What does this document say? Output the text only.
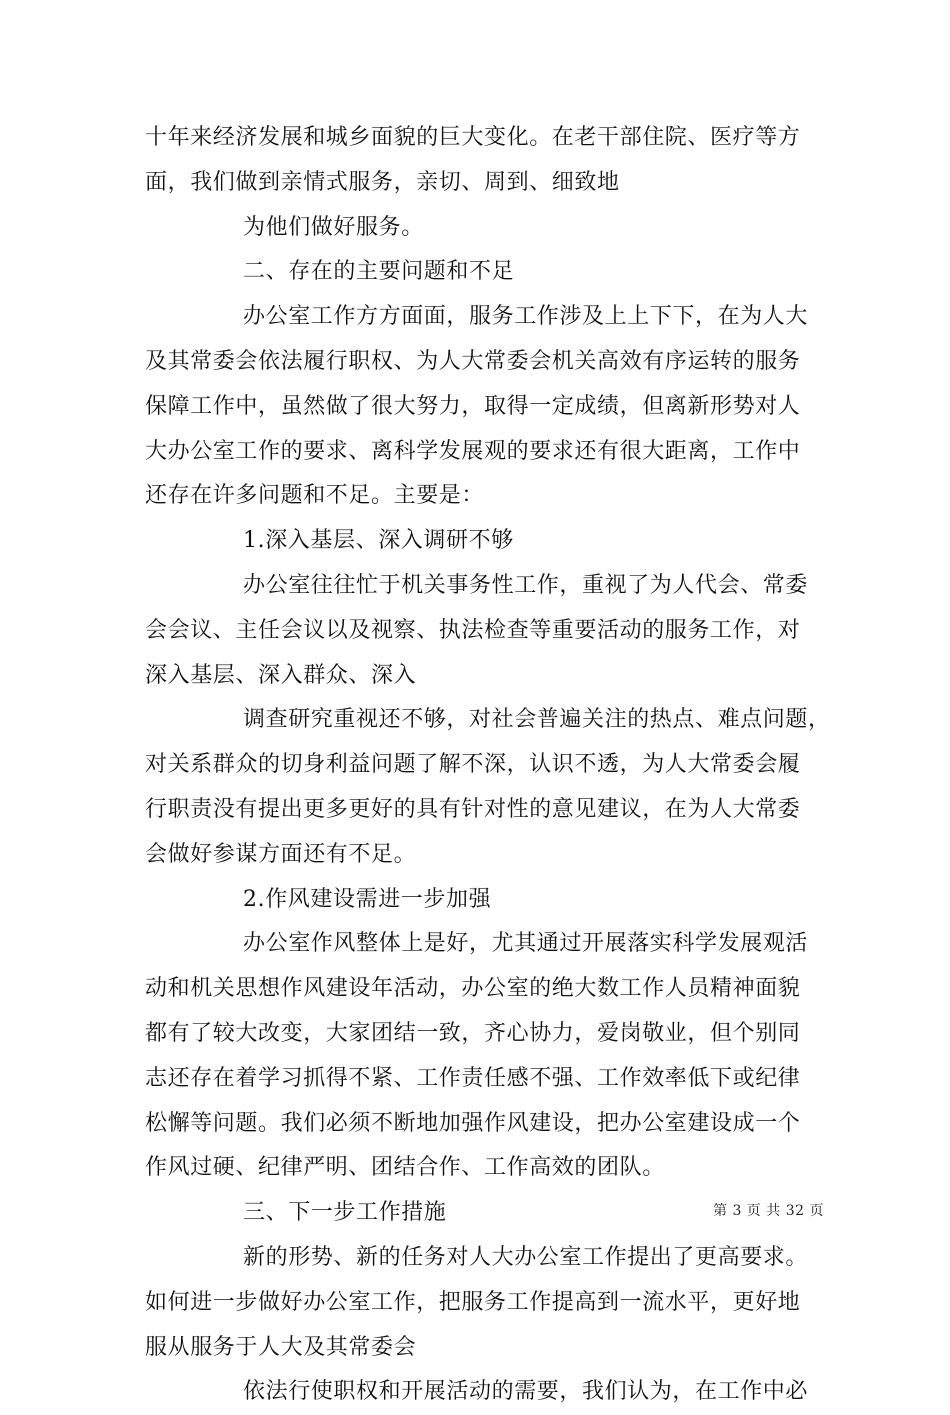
十年来经济发展和城乡面貌的巨大变化。在老干部住院、医疗等方
面，我们做到亲情式服务，亲切、周到、细致地
为他们做好服务。
二、存在的主要问题和不足
办公室工作方方面面，服务工作涉及上上下下，在为人大
及其常委会依法履行职权、为人大常委会机关高效有序运转的服务
保障工作中，虽然做了很大努力，取得一定成绩，但离新形势对人
大办公室工作的要求、离科学发展观的要求还有很大距离，工作中
还存在许多问题和不足。主要是：
1.深入基层、深入调研不够
办公室往往忙于机关事务性工作，重视了为人代会、常委
会会议、主任会议以及视察、执法检查等重要活动的服务工作，对
深入基层、深入群众、深入
调查研究重视还不够，对社会普遍关注的热点、难点问题，
对关系群众的切身利益问题了解不深，认识不透，为人大常委会履
行职责没有提出更多更好的具有针对性的意见建议，在为人大常委
会做好参谋方面还有不足。
2.作风建设需进一步加强
办公室作风整体上是好，尤其通过开展落实科学发展观活
动和机关思想作风建设年活动，办公室的绝大数工作人员精神面貌
都有了较大改变，大家团结一致，齐心协力，爱岗敬业，但个别同
志还存在着学习抓得不紧、工作责任感不强、工作效率低下或纪律
松懈等问题。我们必须不断地加强作风建设，把办公室建设成一个
作风过硬、纪律严明、团结合作、工作高效的团队。
三、下一步工作措施
新的形势、新的任务对人大办公室工作提出了更高要求。
如何进一步做好办公室工作，把服务工作提高到一流水平，更好地
服从服务于人大及其常委会
依法行使职权和开展活动的需要，我们认为，在工作中必
第 3 页 共 32 页
